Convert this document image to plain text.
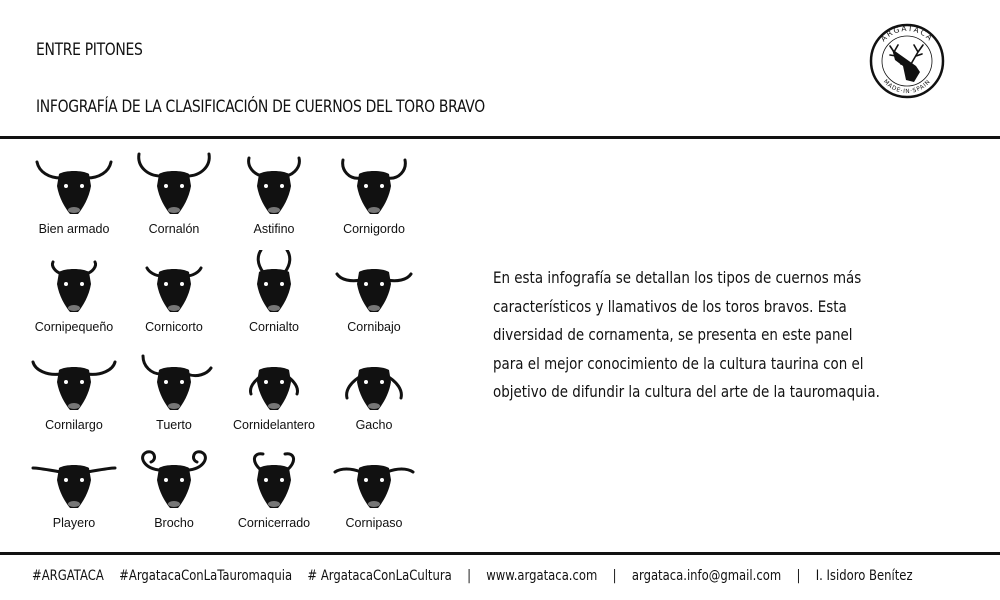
ENTRE PITONES
INFOGRAFÍA DE LA CLASIFICACIÓN DE CUERNOS DEL TORO BRAVO
ARGATACA
MADE·IN·SPAIN
Bien armado	Cornalón	Astifino	Cornigordo
Cornipequeño	Cornicorto	Cornialto	Cornibajo
Cornilargo	Tuerto	Cornidelantero	Gacho
Playero	Brocho	Cornicerrado	Cornipaso
En esta infografía se detallan los tipos de cuernos más
característicos y llamativos de los toros bravos. Esta
diversidad de cornamenta, se presenta en este panel
para el mejor conocimiento de la cultura taurina con el
objetivo de difundir la cultura del arte de la tauromaquia.
#ARGATACA #ArgatacaConLaTauromaquia # ArgatacaConLaCultura | www.argataca.com | argataca.info@gmail.com | I. Isidoro Benítez
